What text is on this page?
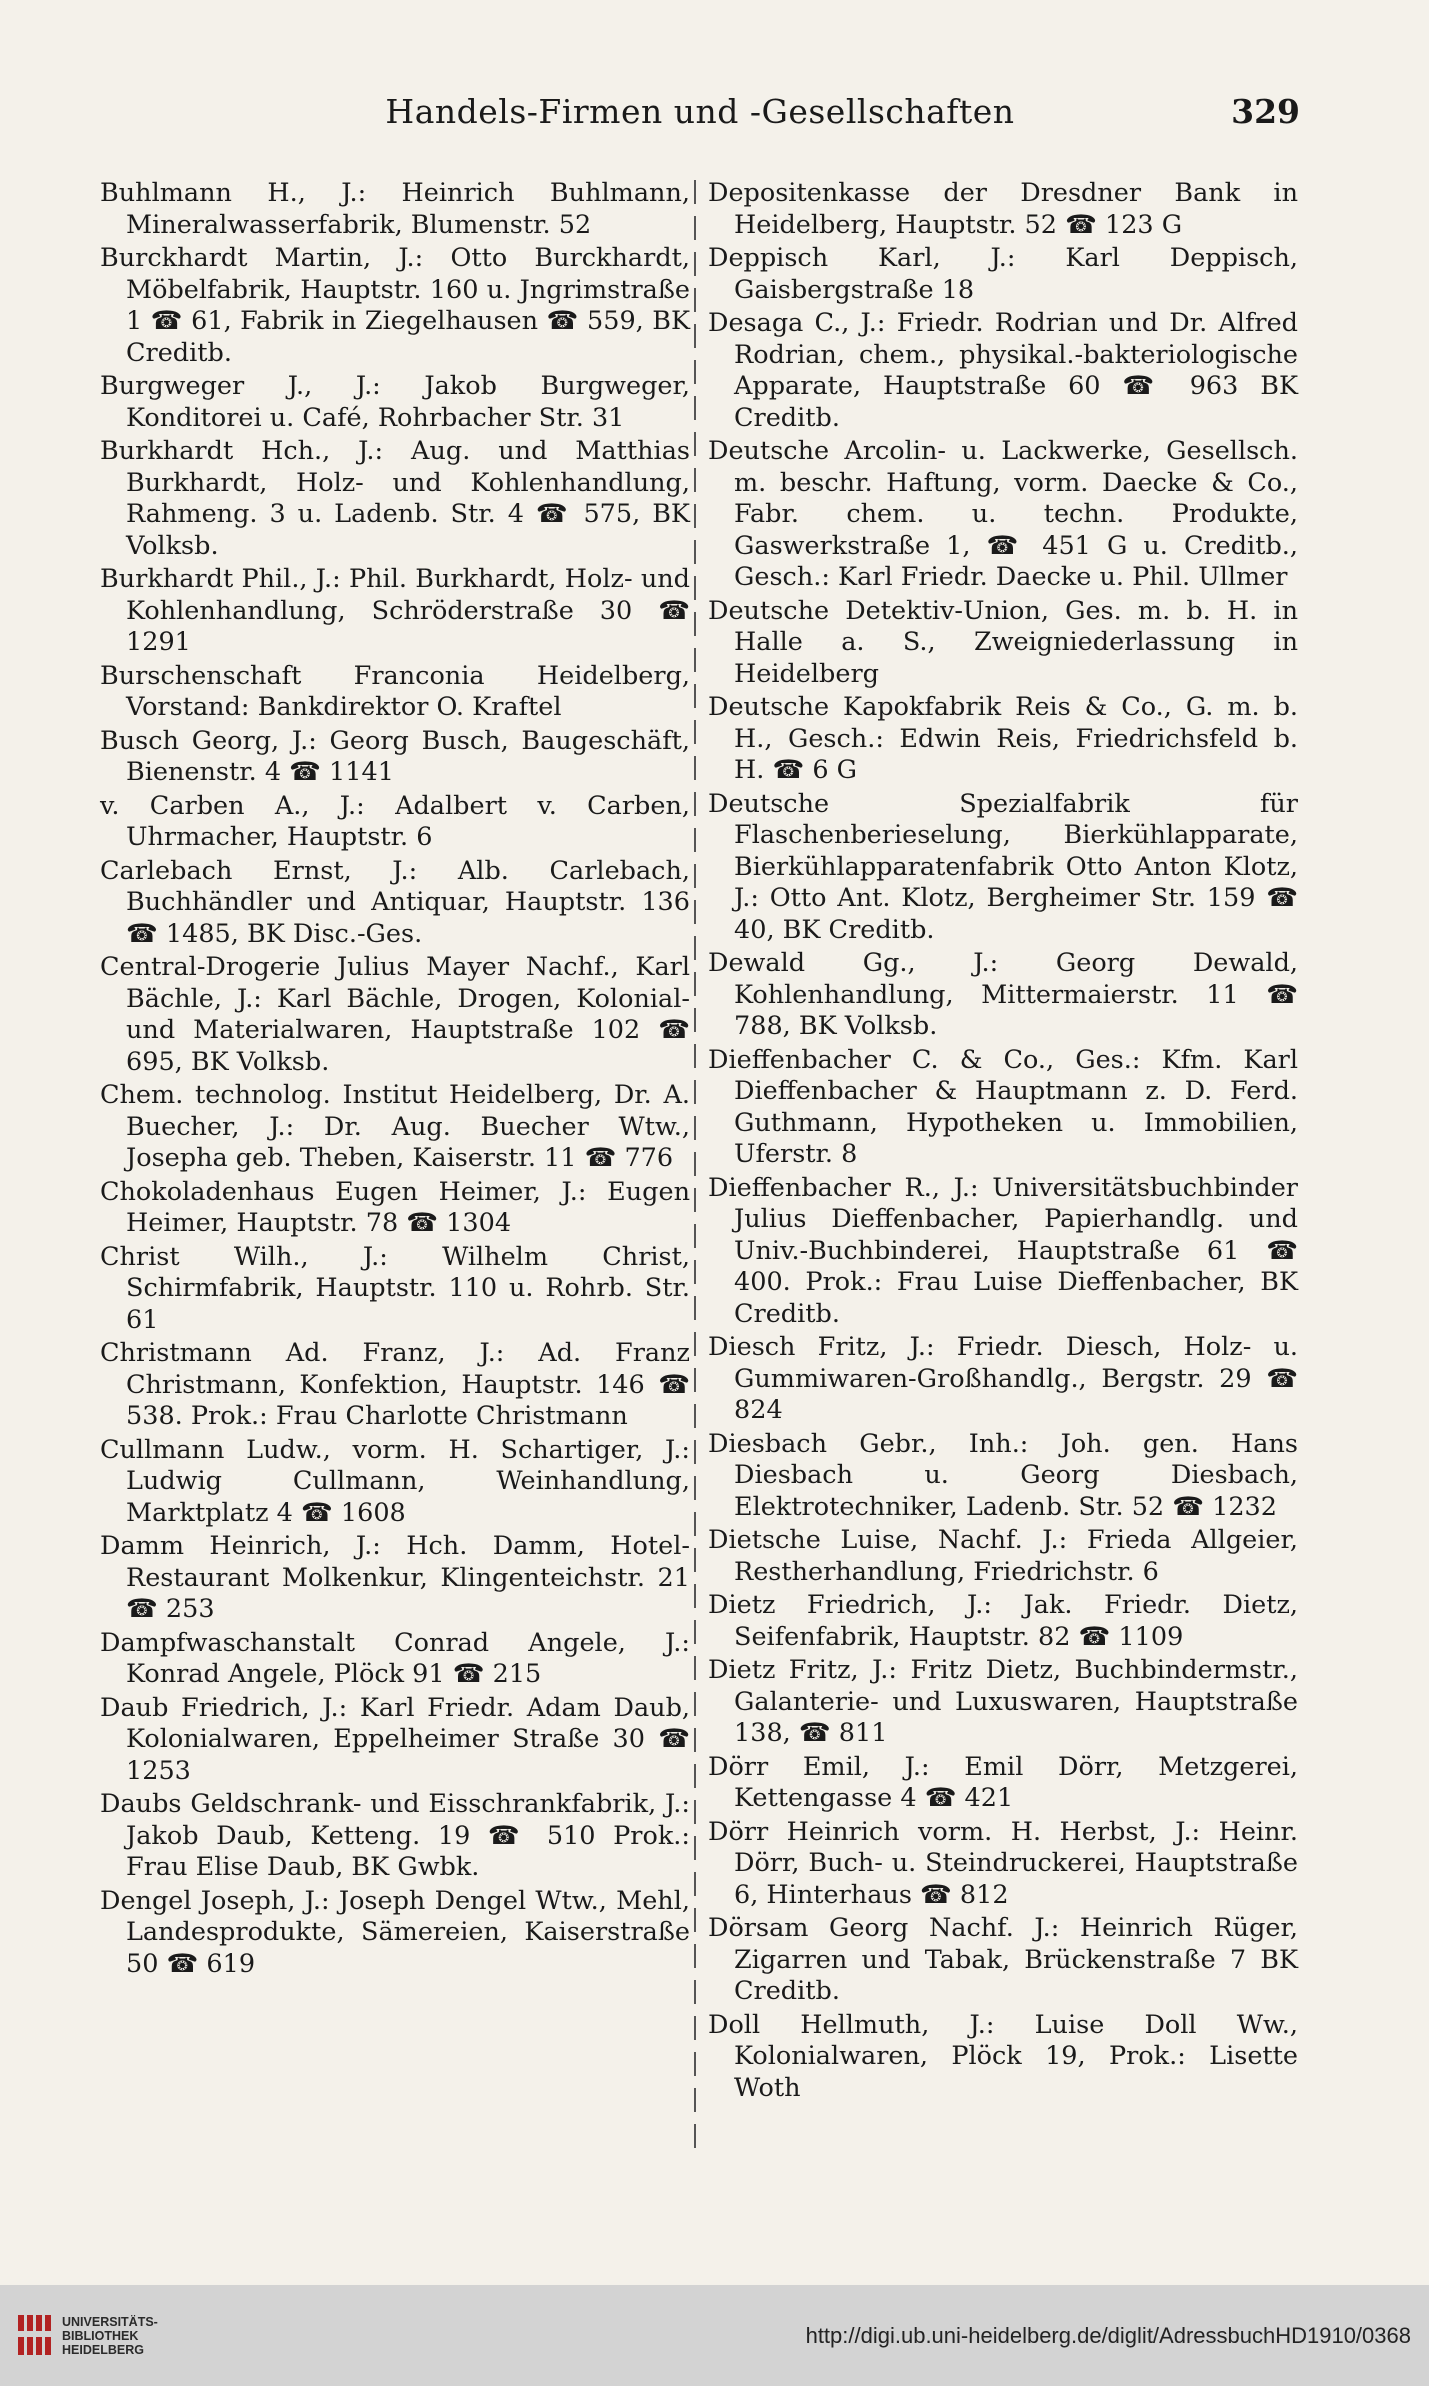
Handels-Firmen und -Gesellschaften	329
Buhlmann H., J.: Heinrich Buhlmann, Mineralwasserfabrik, Blumenstr. 52
Burckhardt Martin, J.: Otto Burckhardt, Möbelfabrik, Hauptstr. 160 u. Jngrimstraße 1 ☎ 61, Fabrik in Ziegelhausen ☎ 559, BK Creditb.
Burgweger J., J.: Jakob Burgweger, Konditorei u. Café, Rohrbacher Str. 31
Burkhardt Hch., J.: Aug. und Matthias Burkhardt, Holz- und Kohlenhandlung, Rahmeng. 3 u. Ladenb. Str. 4 ☎ 575, BK Volksb.
Burkhardt Phil., J.: Phil. Burkhardt, Holz- und Kohlenhandlung, Schröderstraße 30 ☎ 1291
Burschenschaft Franconia Heidelberg, Vorstand: Bankdirektor O. Kraftel
Busch Georg, J.: Georg Busch, Baugeschäft, Bienenstr. 4 ☎ 1141
v. Carben A., J.: Adalbert v. Carben, Uhrmacher, Hauptstr. 6
Carlebach Ernst, J.: Alb. Carlebach, Buchhändler und Antiquar, Hauptstr. 136 ☎ 1485, BK Disc.-Ges.
Central-Drogerie Julius Mayer Nachf., Karl Bächle, J.: Karl Bächle, Drogen, Kolonial- und Materialwaren, Hauptstraße 102 ☎ 695, BK Volksb.
Chem. technolog. Institut Heidelberg, Dr. A. Buecher, J.: Dr. Aug. Buecher Wtw., Josepha geb. Theben, Kaiserstr. 11 ☎ 776
Chokoladenhaus Eugen Heimer, J.: Eugen Heimer, Hauptstr. 78 ☎ 1304
Christ Wilh., J.: Wilhelm Christ, Schirmfabrik, Hauptstr. 110 u. Rohrb. Str. 61
Christmann Ad. Franz, J.: Ad. Franz Christmann, Konfektion, Hauptstr. 146 ☎ 538. Prok.: Frau Charlotte Christmann
Cullmann Ludw., vorm. H. Schartiger, J.: Ludwig Cullmann, Weinhandlung, Marktplatz 4 ☎ 1608
Damm Heinrich, J.: Hch. Damm, Hotel-Restaurant Molkenkur, Klingenteichstr. 21 ☎ 253
Dampfwaschanstalt Conrad Angele, J.: Konrad Angele, Plöck 91 ☎ 215
Daub Friedrich, J.: Karl Friedr. Adam Daub, Kolonialwaren, Eppelheimer Straße 30 ☎ 1253
Daubs Geldschrank- und Eisschrankfabrik, J.: Jakob Daub, Ketteng. 19 ☎ 510 Prok.: Frau Elise Daub, BK Gwbk.
Dengel Joseph, J.: Joseph Dengel Wtw., Mehl, Landesprodukte, Sämereien, Kaiserstraße 50 ☎ 619
Depositenkasse der Dresdner Bank in Heidelberg, Hauptstr. 52 ☎ 123 G
Deppisch Karl, J.: Karl Deppisch, Gaisbergstraße 18
Desaga C., J.: Friedr. Rodrian und Dr. Alfred Rodrian, chem., physikal.-bakteriologische Apparate, Hauptstraße 60 ☎ 963 BK Creditb.
Deutsche Arcolin- u. Lackwerke, Gesellsch. m. beschr. Haftung, vorm. Daecke & Co., Fabr. chem. u. techn. Produkte, Gaswerkstraße 1, ☎ 451 G u. Creditb., Gesch.: Karl Friedr. Daecke u. Phil. Ullmer
Deutsche Detektiv-Union, Ges. m. b. H. in Halle a. S., Zweigniederlassung in Heidelberg
Deutsche Kapokfabrik Reis & Co., G. m. b. H., Gesch.: Edwin Reis, Friedrichsfeld b. H. ☎ 6 G
Deutsche Spezialfabrik für Flaschenberieselung, Bierkühlapparate, Bierkühlapparatenfabrik Otto Anton Klotz, J.: Otto Ant. Klotz, Bergheimer Str. 159 ☎ 40, BK Creditb.
Dewald Gg., J.: Georg Dewald, Kohlenhandlung, Mittermaierstr. 11 ☎ 788, BK Volksb.
Dieffenbacher C. & Co., Ges.: Kfm. Karl Dieffenbacher & Hauptmann z. D. Ferd. Guthmann, Hypotheken u. Immobilien, Uferstr. 8
Dieffenbacher R., J.: Universitätsbuchbinder Julius Dieffenbacher, Papierhandlg. und Univ.-Buchbinderei, Hauptstraße 61 ☎ 400. Prok.: Frau Luise Dieffenbacher, BK Creditb.
Diesch Fritz, J.: Friedr. Diesch, Holz- u. Gummiwaren-Großhandlg., Bergstr. 29 ☎ 824
Diesbach Gebr., Inh.: Joh. gen. Hans Diesbach u. Georg Diesbach, Elektrotechniker, Ladenb. Str. 52 ☎ 1232
Dietsche Luise, Nachf. J.: Frieda Allgeier, Restherhandlung, Friedrichstr. 6
Dietz Friedrich, J.: Jak. Friedr. Dietz, Seifenfabrik, Hauptstr. 82 ☎ 1109
Dietz Fritz, J.: Fritz Dietz, Buchbindermstr., Galanterie- und Luxuswaren, Hauptstraße 138, ☎ 811
Dörr Emil, J.: Emil Dörr, Metzgerei, Kettengasse 4 ☎ 421
Dörr Heinrich vorm. H. Herbst, J.: Heinr. Dörr, Buch- u. Steindruckerei, Hauptstraße 6, Hinterhaus ☎ 812
Dörsam Georg Nachf. J.: Heinrich Rüger, Zigarren und Tabak, Brückenstraße 7 BK Creditb.
Doll Hellmuth, J.: Luise Doll Ww., Kolonialwaren, Plöck 19, Prok.: Lisette Woth
UNIVERSITÄTS-
BIBLIOTHEK
HEIDELBERG
http://digi.ub.uni-heidelberg.de/diglit/AdressbuchHD1910/0368
